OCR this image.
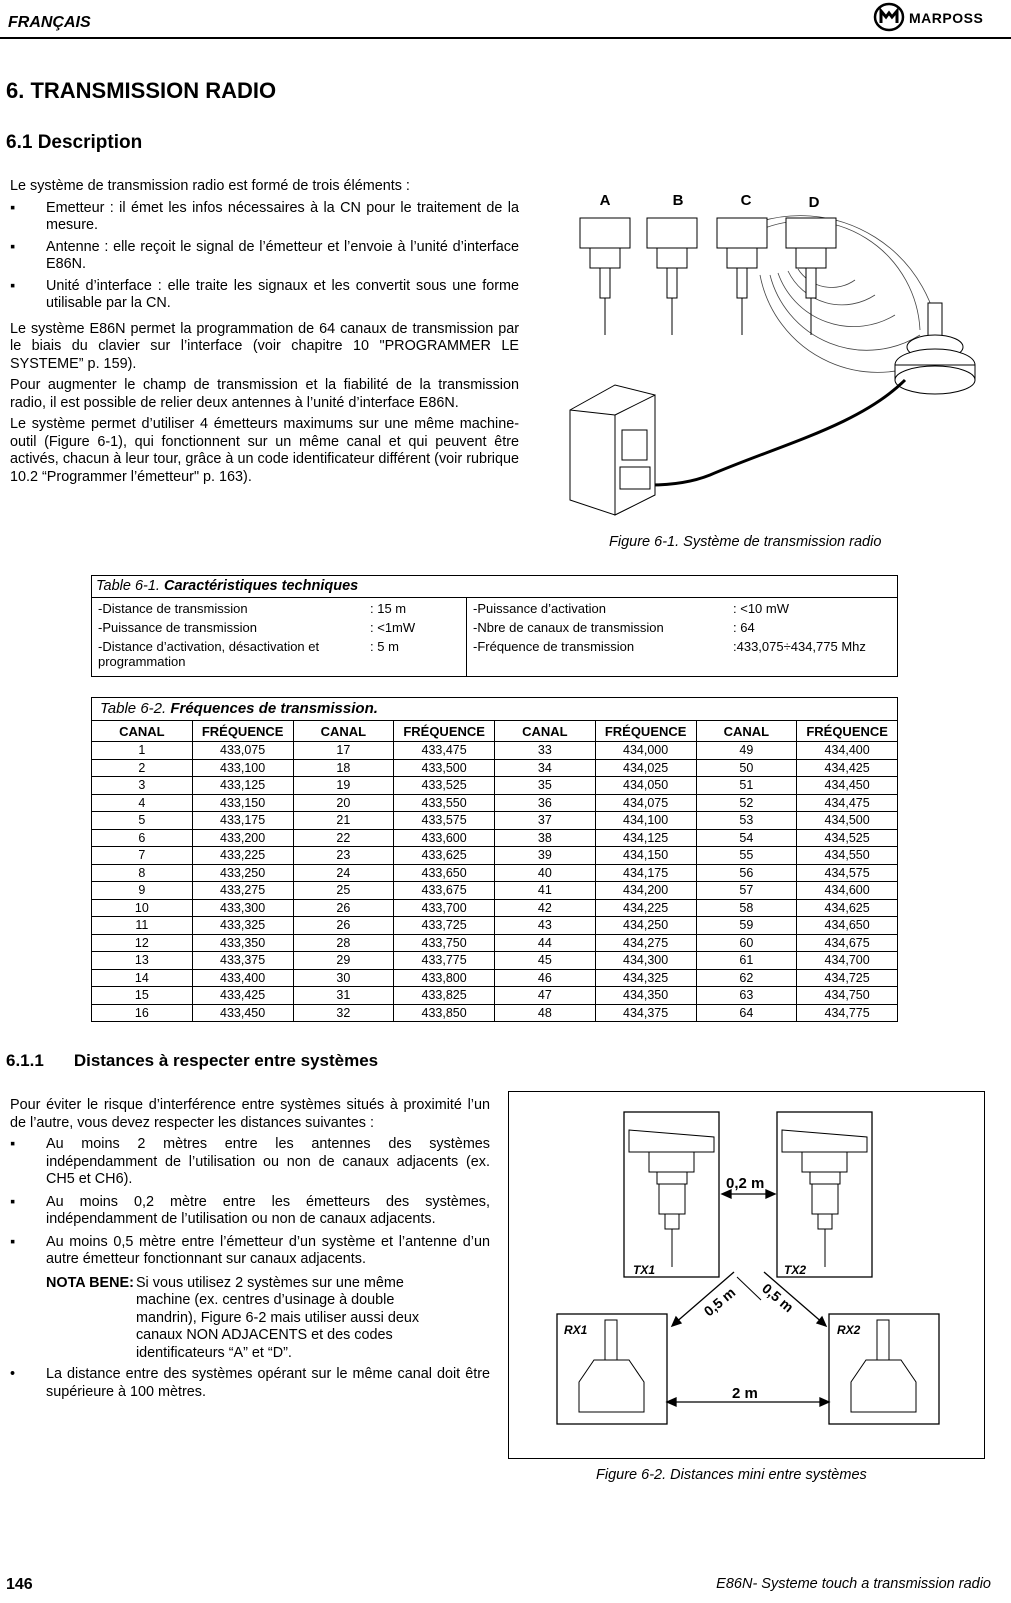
FRANÇAIS	MARPOSS
6. TRANSMISSION RADIO
6.1 Description
Le système de transmission radio est formé de trois éléments :
▪	Emetteur : il émet les infos nécessaires à la CN pour le traitement de la mesure.
▪	Antenne : elle reçoit le signal de l’émetteur et l’envoie à l’unité d’interface E86N.
▪	Unité d’interface : elle traite les signaux et les convertit sous une forme utilisable par la CN.
Le système E86N permet la programmation de 64 canaux de transmission par le biais du clavier sur l’interface (voir chapitre 10 "PROGRAMMER LE SYSTEME” p. 159).
Pour augmenter le champ de transmission et la fiabilité de la transmission radio, il est possible de relier deux antennes à l’unité d’interface E86N.
Le système permet d’utiliser 4 émetteurs maximums sur une même machine-outil (Figure 6-1), qui fonctionnent sur un même canal et qui peuvent être activés, chacun à leur tour, grâce à un code identificateur différent (voir rubrique 10.2 “Programmer l’émetteur" p. 163).
A	B	C	D
Figure 6-1. Système de transmission radio
Table 6-1. Caractéristiques techniques
-Distance de transmission	: 15 m
-Puissance de transmission	: <1mW
-Distance d’activation, désactivation et programmation	: 5 m
-Puissance d’activation	: <10 mW
-Nbre de canaux de transmission	: 64
-Fréquence de transmission	:433,075÷434,775 Mhz
Table 6-2. Fréquences de transmission.
CANAL	FRÉQUENCE	CANAL	FRÉQUENCE	CANAL	FRÉQUENCE	CANAL	FRÉQUENCE
1	433,075	17	433,475	33	434,000	49	434,400
2	433,100	18	433,500	34	434,025	50	434,425
3	433,125	19	433,525	35	434,050	51	434,450
4	433,150	20	433,550	36	434,075	52	434,475
5	433,175	21	433,575	37	434,100	53	434,500
6	433,200	22	433,600	38	434,125	54	434,525
7	433,225	23	433,625	39	434,150	55	434,550
8	433,250	24	433,650	40	434,175	56	434,575
9	433,275	25	433,675	41	434,200	57	434,600
10	433,300	26	433,700	42	434,225	58	434,625
11	433,325	26	433,725	43	434,250	59	434,650
12	433,350	28	433,750	44	434,275	60	434,675
13	433,375	29	433,775	45	434,300	61	434,700
14	433,400	30	433,800	46	434,325	62	434,725
15	433,425	31	433,825	47	434,350	63	434,750
16	433,450	32	433,850	48	434,375	64	434,775
6.1.1 Distances à respecter entre systèmes
Pour éviter le risque d’interférence entre systèmes situés à proximité l’un de l’autre, vous devez respecter les distances suivantes :
▪	Au moins 2 mètres entre les antennes des systèmes indépendamment de l’utilisation ou non de canaux adjacents (ex. CH5 et CH6).
▪	Au moins 0,2 mètre entre les émetteurs des systèmes, indépendamment de l’utilisation ou non de canaux adjacents.
▪	Au moins 0,5 mètre entre l’émetteur d’un système et l’antenne d’un autre émetteur fonctionnant sur canaux adjacents.
NOTA BENE: Si vous utilisez 2 systèmes sur une même machine (ex. centres d’usinage à double mandrin), Figure 6-2 mais utiliser aussi deux canaux NON ADJACENTS et des codes identificateurs “A” et “D”.
•	La distance entre des systèmes opérant sur le même canal doit être supérieure à 100 mètres.
0,2 m
2 m
0,5 m 0,5 m
TX1	TX2
RX1	RX2
Figure 6-2. Distances mini entre systèmes
146	E86N- Systeme touch a transmission radio
